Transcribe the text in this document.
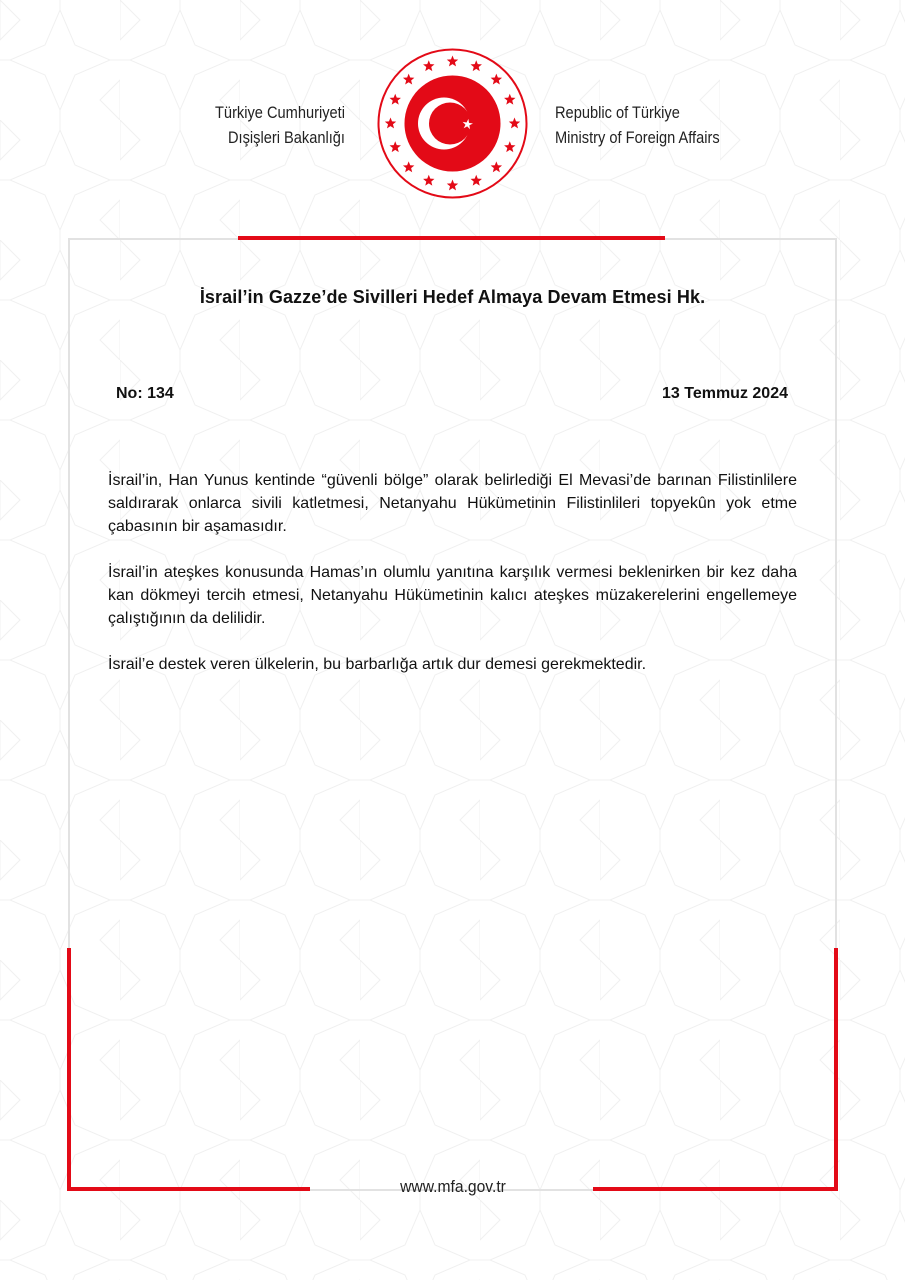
Türkiye Cumhuriyeti
Dışişleri Bakanlığı
Republic of Türkiye
Ministry of Foreign Affairs
İsrail’in Gazze’de Sivilleri Hedef Almaya Devam Etmesi Hk.
No: 134	13 Temmuz 2024

İsrail’in, Han Yunus kentinde “güvenli bölge” olarak belirlediği El Mevasi’de barınan Filistinlilere saldırarak onlarca sivili katletmesi, Netanyahu Hükümetinin Filistinlileri topyekûn yok etme çabasının bir aşamasıdır.

İsrail’in ateşkes konusunda Hamas’ın olumlu yanıtına karşılık vermesi beklenirken bir kez daha kan dökmeyi tercih etmesi, Netanyahu Hükümetinin kalıcı ateşkes müzakerelerini engellemeye çalıştığının da delilidir.

İsrail’e destek veren ülkelerin, bu barbarlığa artık dur demesi gerekmektedir.

www.mfa.gov.tr
